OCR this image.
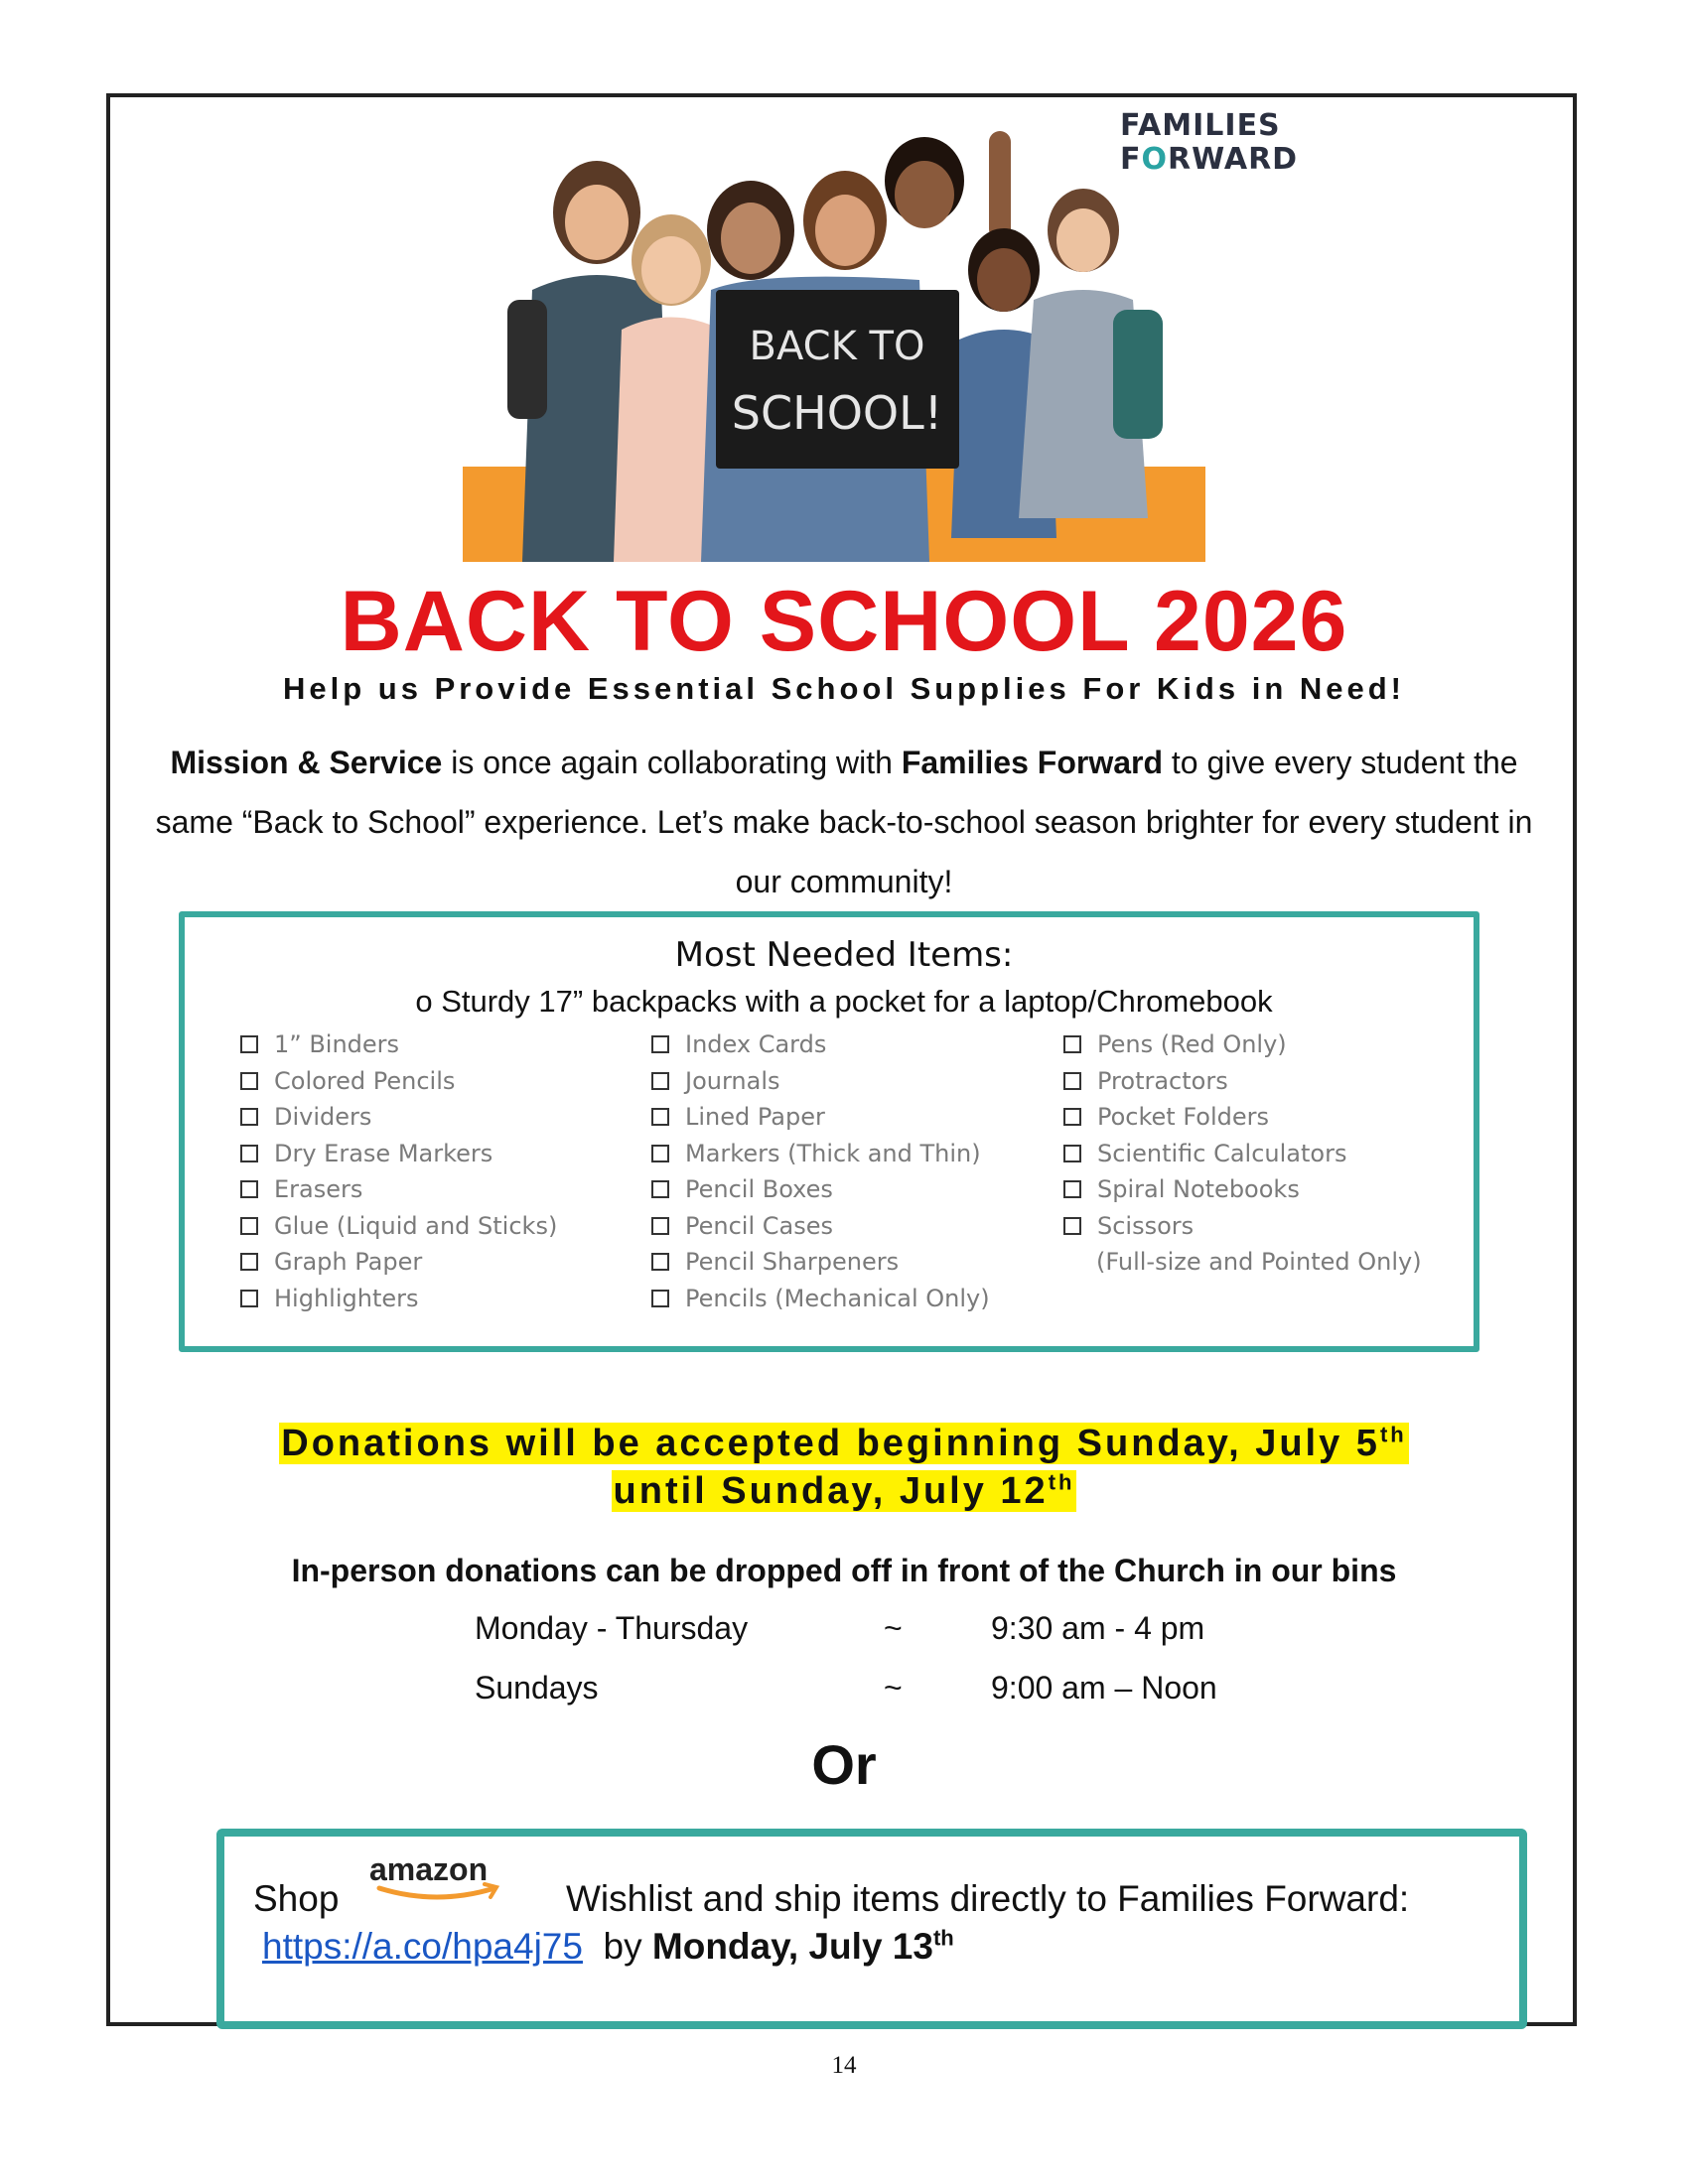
FAMILIES
FORWARD
BACK TO
SCHOOL!
BACK TO SCHOOL 2026
Help us Provide Essential School Supplies For Kids in Need!
Mission & Service is once again collaborating with Families Forward to give every student the same “Back to School” experience. Let’s make back-to-school season brighter for every student in our community!
Most Needed Items:
o Sturdy 17” backpacks with a pocket for a laptop/Chromebook
1” Binders
Colored Pencils
Dividers
Dry Erase Markers
Erasers
Glue (Liquid and Sticks)
Graph Paper
Highlighters
Index Cards
Journals
Lined Paper
Markers (Thick and Thin)
Pencil Boxes
Pencil Cases
Pencil Sharpeners
Pencils (Mechanical Only)
Pens (Red Only)
Protractors
Pocket Folders
Scientific Calculators
Spiral Notebooks
Scissors
(Full-size and Pointed Only)
Donations will be accepted beginning Sunday, July 5th
until Sunday, July 12th
In-person donations can be dropped off in front of the Church in our bins
Monday - Thursday	~	9:30 am - 4 pm
Sundays	~	9:00 am – Noon
Or
Shop
amazon
Wishlist and ship items directly to Families Forward:
https://a.co/hpa4j75  by Monday, July 13th
14
